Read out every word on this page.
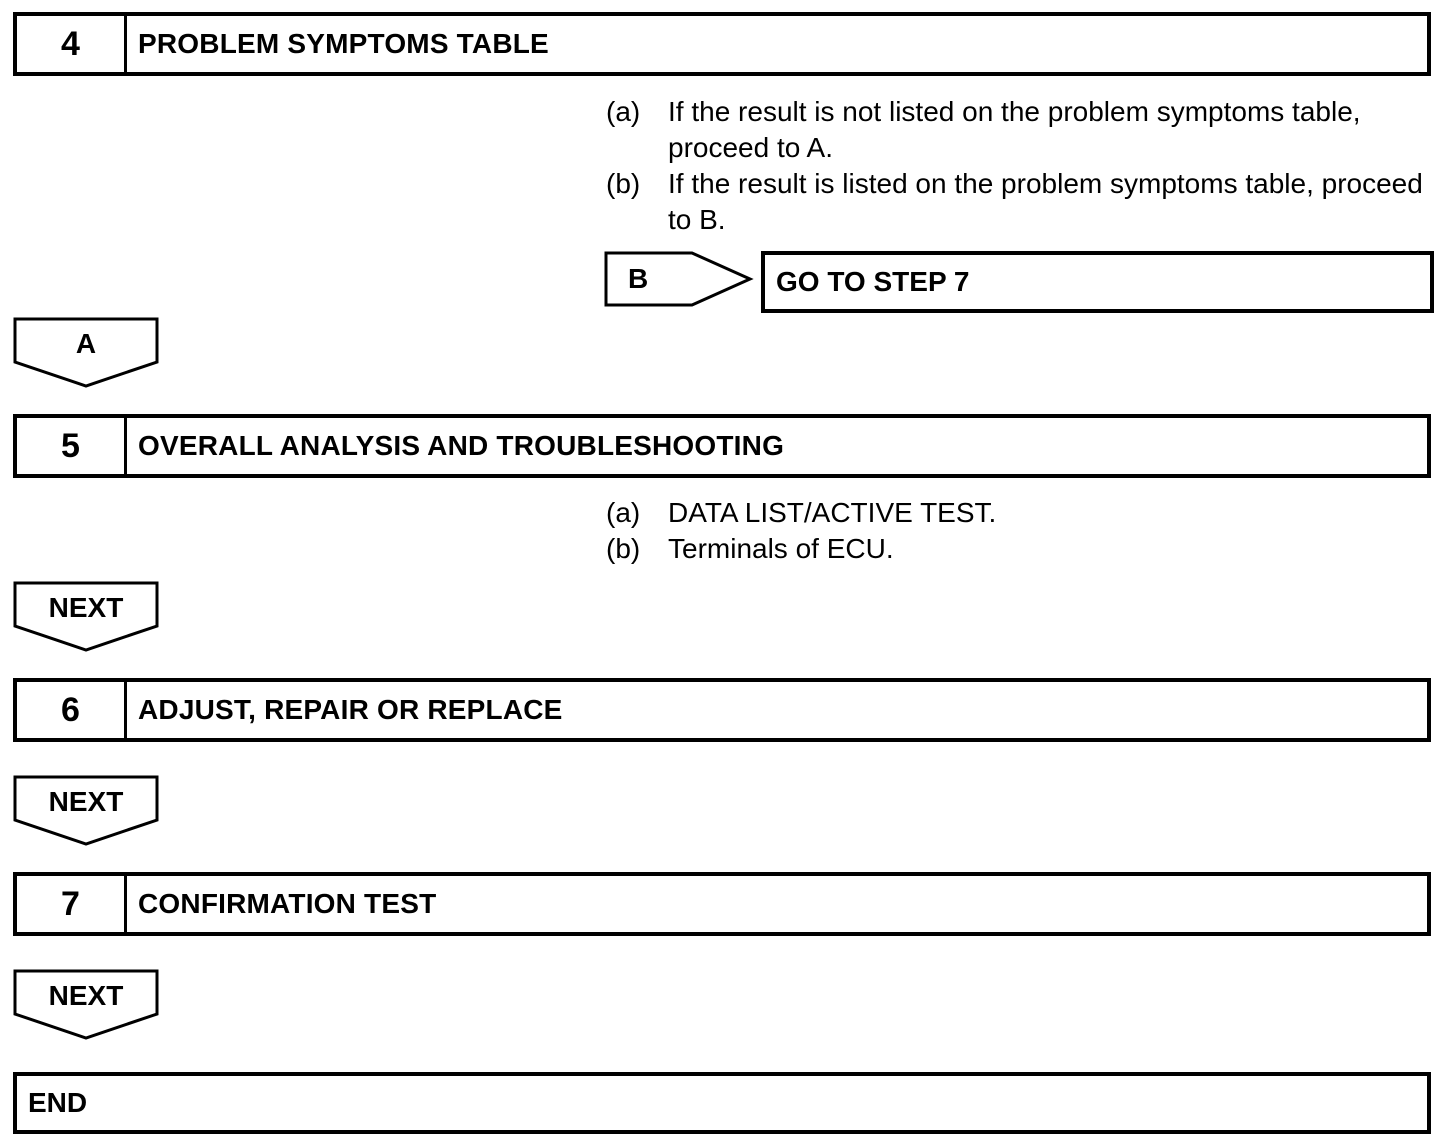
4	PROBLEM SYMPTOMS TABLE
(a) If the result is not listed on the problem symptoms table, proceed to A.
(b) If the result is listed on the problem symptoms table, proceed to B.
B	GO TO STEP 7
A
5	OVERALL ANALYSIS AND TROUBLESHOOTING
(a) DATA LIST/ACTIVE TEST.
(b) Terminals of ECU.
NEXT
6	ADJUST, REPAIR OR REPLACE
NEXT
7	CONFIRMATION TEST
NEXT
END
